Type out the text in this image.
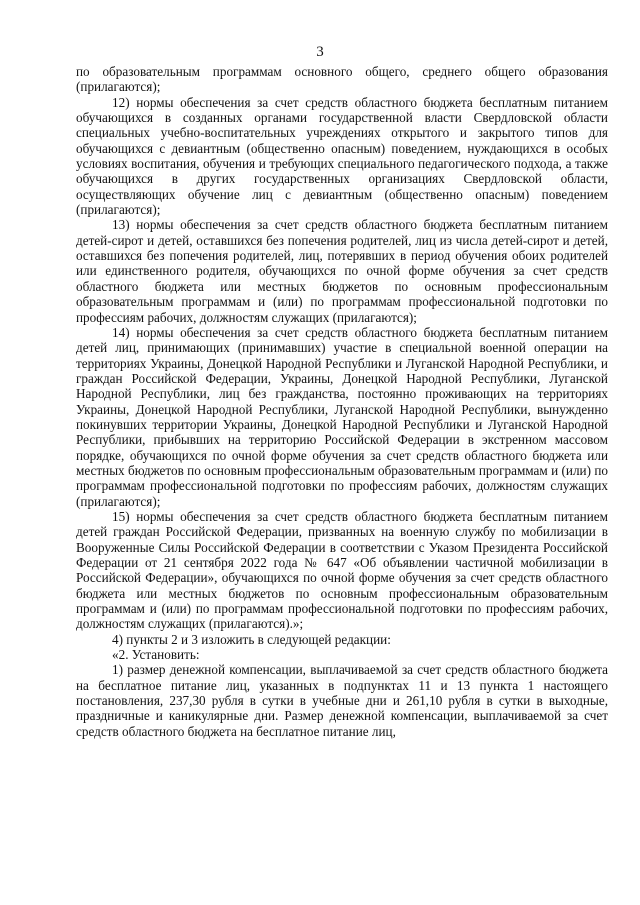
3

по образовательным программам основного общего, среднего общего образования (прилагаются);

12) нормы обеспечения за счет средств областного бюджета бесплатным питанием обучающихся в созданных органами государственной власти Свердловской области специальных учебно-воспитательных учреждениях открытого и закрытого типов для обучающихся с девиантным (общественно опасным) поведением, нуждающихся в особых условиях воспитания, обучения и требующих специального педагогического подхода, а также обучающихся в других государственных организациях Свердловской области, осуществляющих обучение лиц с девиантным (общественно опасным) поведением (прилагаются);

13) нормы обеспечения за счет средств областного бюджета бесплатным питанием детей-сирот и детей, оставшихся без попечения родителей, лиц из числа детей-сирот и детей, оставшихся без попечения родителей, лиц, потерявших в период обучения обоих родителей или единственного родителя, обучающихся по очной форме обучения за счет средств областного бюджета или местных бюджетов по основным профессиональным образовательным программам и (или) по программам профессиональной подготовки по профессиям рабочих, должностям служащих (прилагаются);

14) нормы обеспечения за счет средств областного бюджета бесплатным питанием детей лиц, принимающих (принимавших) участие в специальной военной операции на территориях Украины, Донецкой Народной Республики и Луганской Народной Республики, и граждан Российской Федерации, Украины, Донецкой Народной Республики, Луганской Народной Республики, лиц без гражданства, постоянно проживающих на территориях Украины, Донецкой Народной Республики, Луганской Народной Республики, вынужденно покинувших территории Украины, Донецкой Народной Республики и Луганской Народной Республики, прибывших на территорию Российской Федерации в экстренном массовом порядке, обучающихся по очной форме обучения за счет средств областного бюджета или местных бюджетов по основным профессиональным образовательным программам и (или) по программам профессиональной подготовки по профессиям рабочих, должностям служащих (прилагаются);

15) нормы обеспечения за счет средств областного бюджета бесплатным питанием детей граждан Российской Федерации, призванных на военную службу по мобилизации в Вооруженные Силы Российской Федерации в соответствии с Указом Президента Российской Федерации от 21 сентября 2022 года № 647 «Об объявлении частичной мобилизации в Российской Федерации», обучающихся по очной форме обучения за счет средств областного бюджета или местных бюджетов по основным профессиональным образовательным программам и (или) по программам профессиональной подготовки по профессиям рабочих, должностям служащих (прилагаются).»;

4) пункты 2 и 3 изложить в следующей редакции:

«2. Установить:

1) размер денежной компенсации, выплачиваемой за счет средств областного бюджета на бесплатное питание лиц, указанных в подпунктах 11 и 13 пункта 1 настоящего постановления, 237,30 рубля в сутки в учебные дни и 261,10 рубля в сутки в выходные, праздничные и каникулярные дни. Размер денежной компенсации, выплачиваемой за счет средств областного бюджета на бесплатное питание лиц,
